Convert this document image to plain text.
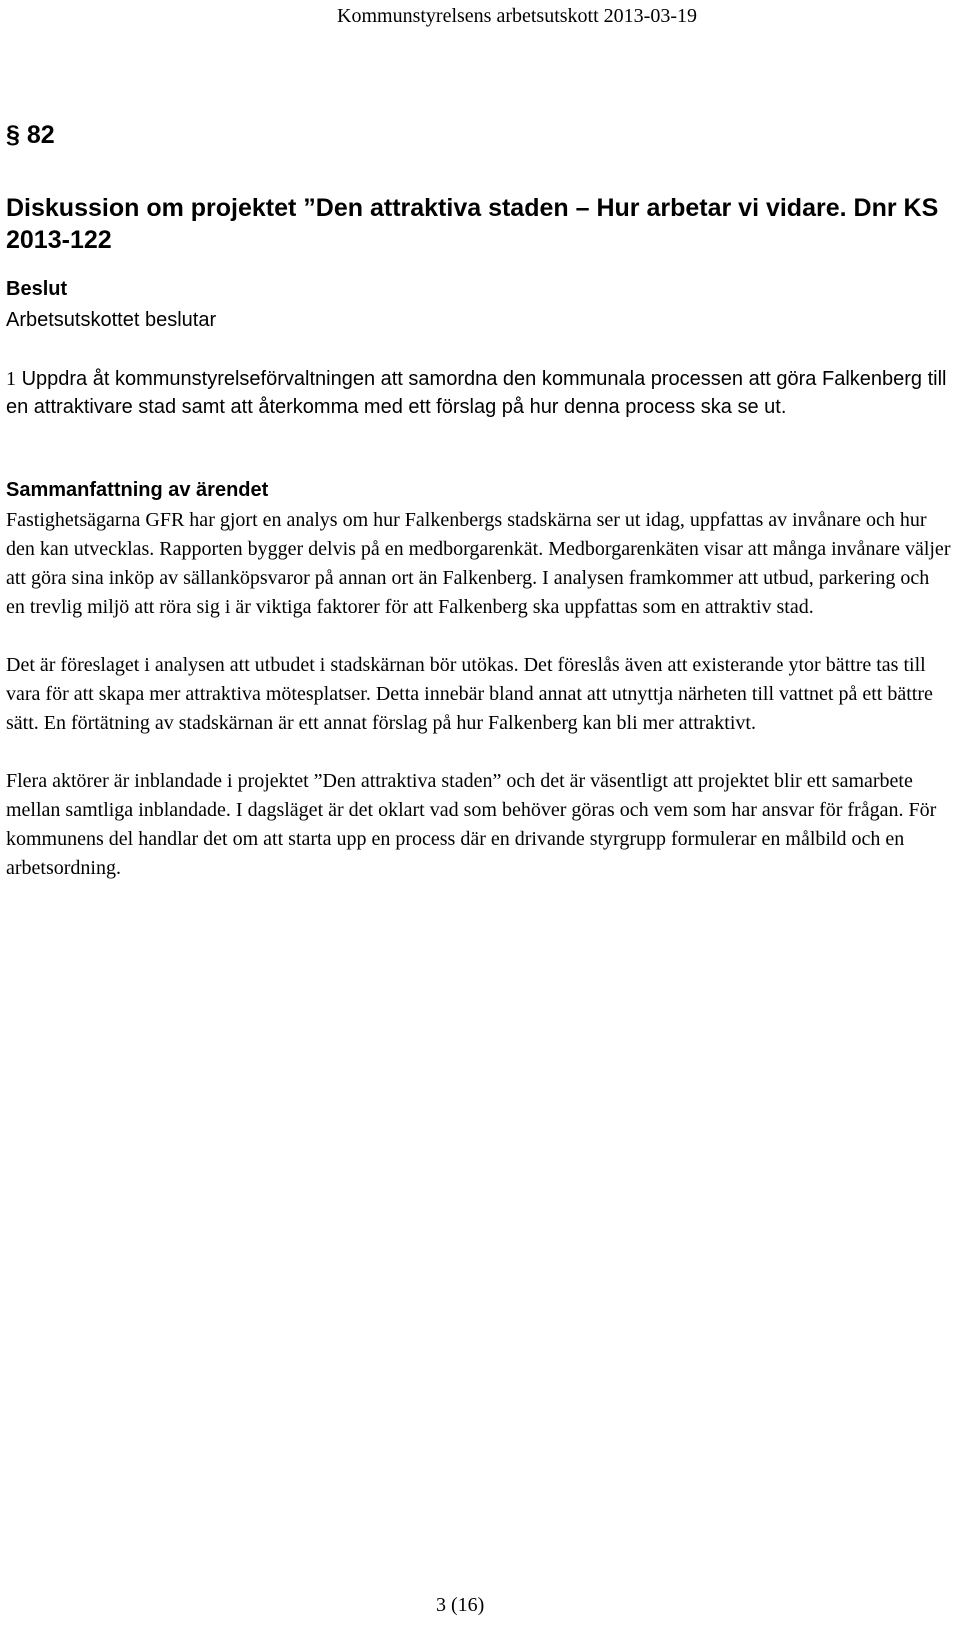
Kommunstyrelsens arbetsutskott 2013-03-19
§ 82
Diskussion om projektet ”Den attraktiva staden – Hur arbetar vi vidare. Dnr KS 2013-122

Beslut

Arbetsutskottet beslutar

1 Uppdra åt kommunstyrelseförvaltningen att samordna den kommunala processen att göra Falkenberg till en attraktivare stad samt att återkomma med ett förslag på hur denna process ska se ut.

Sammanfattning av ärendet

Fastighetsägarna GFR har gjort en analys om hur Falkenbergs stadskärna ser ut idag, uppfattas av invånare och hur den kan utvecklas. Rapporten bygger delvis på en medborgarenkät. Medborgarenkäten visar att många invånare väljer att göra sina inköp av sällanköpsvaror på annan ort än Falkenberg. I analysen framkommer att utbud, parkering och en trevlig miljö att röra sig i är viktiga faktorer för att Falkenberg ska uppfattas som en attraktiv stad.

Det är föreslaget i analysen att utbudet i stadskärnan bör utökas. Det föreslås även att existerande ytor bättre tas till vara för att skapa mer attraktiva mötesplatser. Detta innebär bland annat att utnyttja närheten till vattnet på ett bättre sätt. En förtätning av stadskärnan är ett annat förslag på hur Falkenberg kan bli mer attraktivt.

Flera aktörer är inblandade i projektet ”Den attraktiva staden” och det är väsentligt att projektet blir ett samarbete mellan samtliga inblandade. I dagsläget är det oklart vad som behöver göras och vem som har ansvar för frågan. För kommunens del handlar det om att starta upp en process där en drivande styrgrupp formulerar en målbild och en arbetsordning.

3 (16)
